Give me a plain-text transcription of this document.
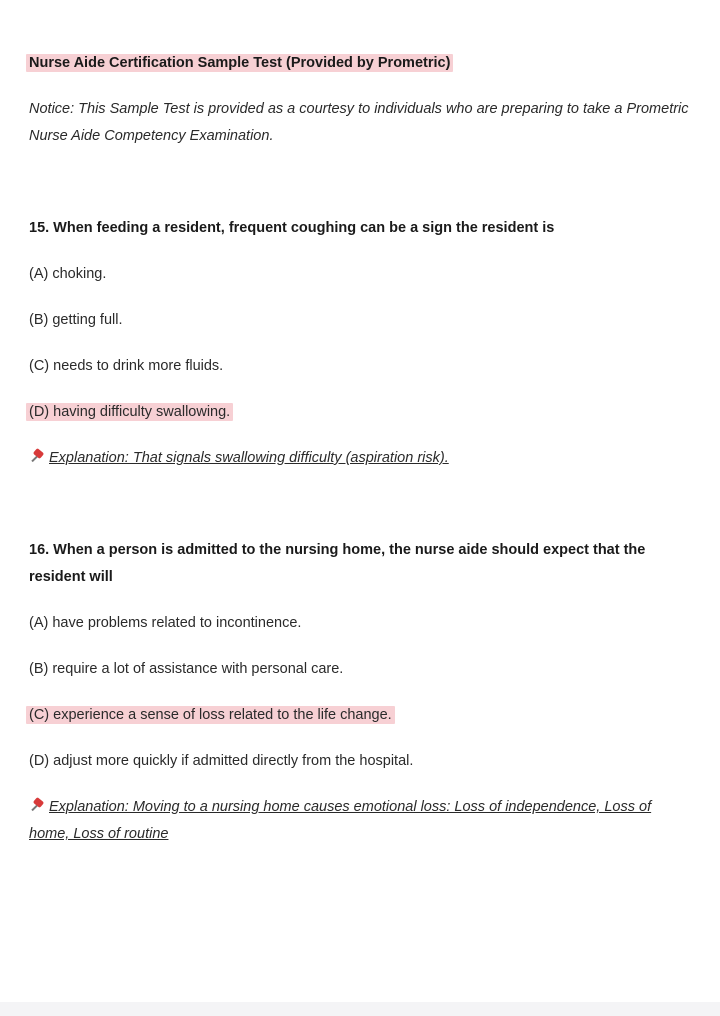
Nurse Aide Certification Sample Test (Provided by Prometric)
Notice: This Sample Test is provided as a courtesy to individuals who are preparing to take a Prometric
Nurse Aide Competency Examination.
15. When feeding a resident, frequent coughing can be a sign the resident is
(A) choking.
(B) getting full.
(C) needs to drink more fluids.
(D) having difficulty swallowing.
Explanation: That signals swallowing difficulty (aspiration risk).
16. When a person is admitted to the nursing home, the nurse aide should expect that the
resident will
(A) have problems related to incontinence.
(B) require a lot of assistance with personal care.
(C) experience a sense of loss related to the life change.
(D) adjust more quickly if admitted directly from the hospital.
Explanation: Moving to a nursing home causes emotional loss: Loss of independence, Loss of
home, Loss of routine
